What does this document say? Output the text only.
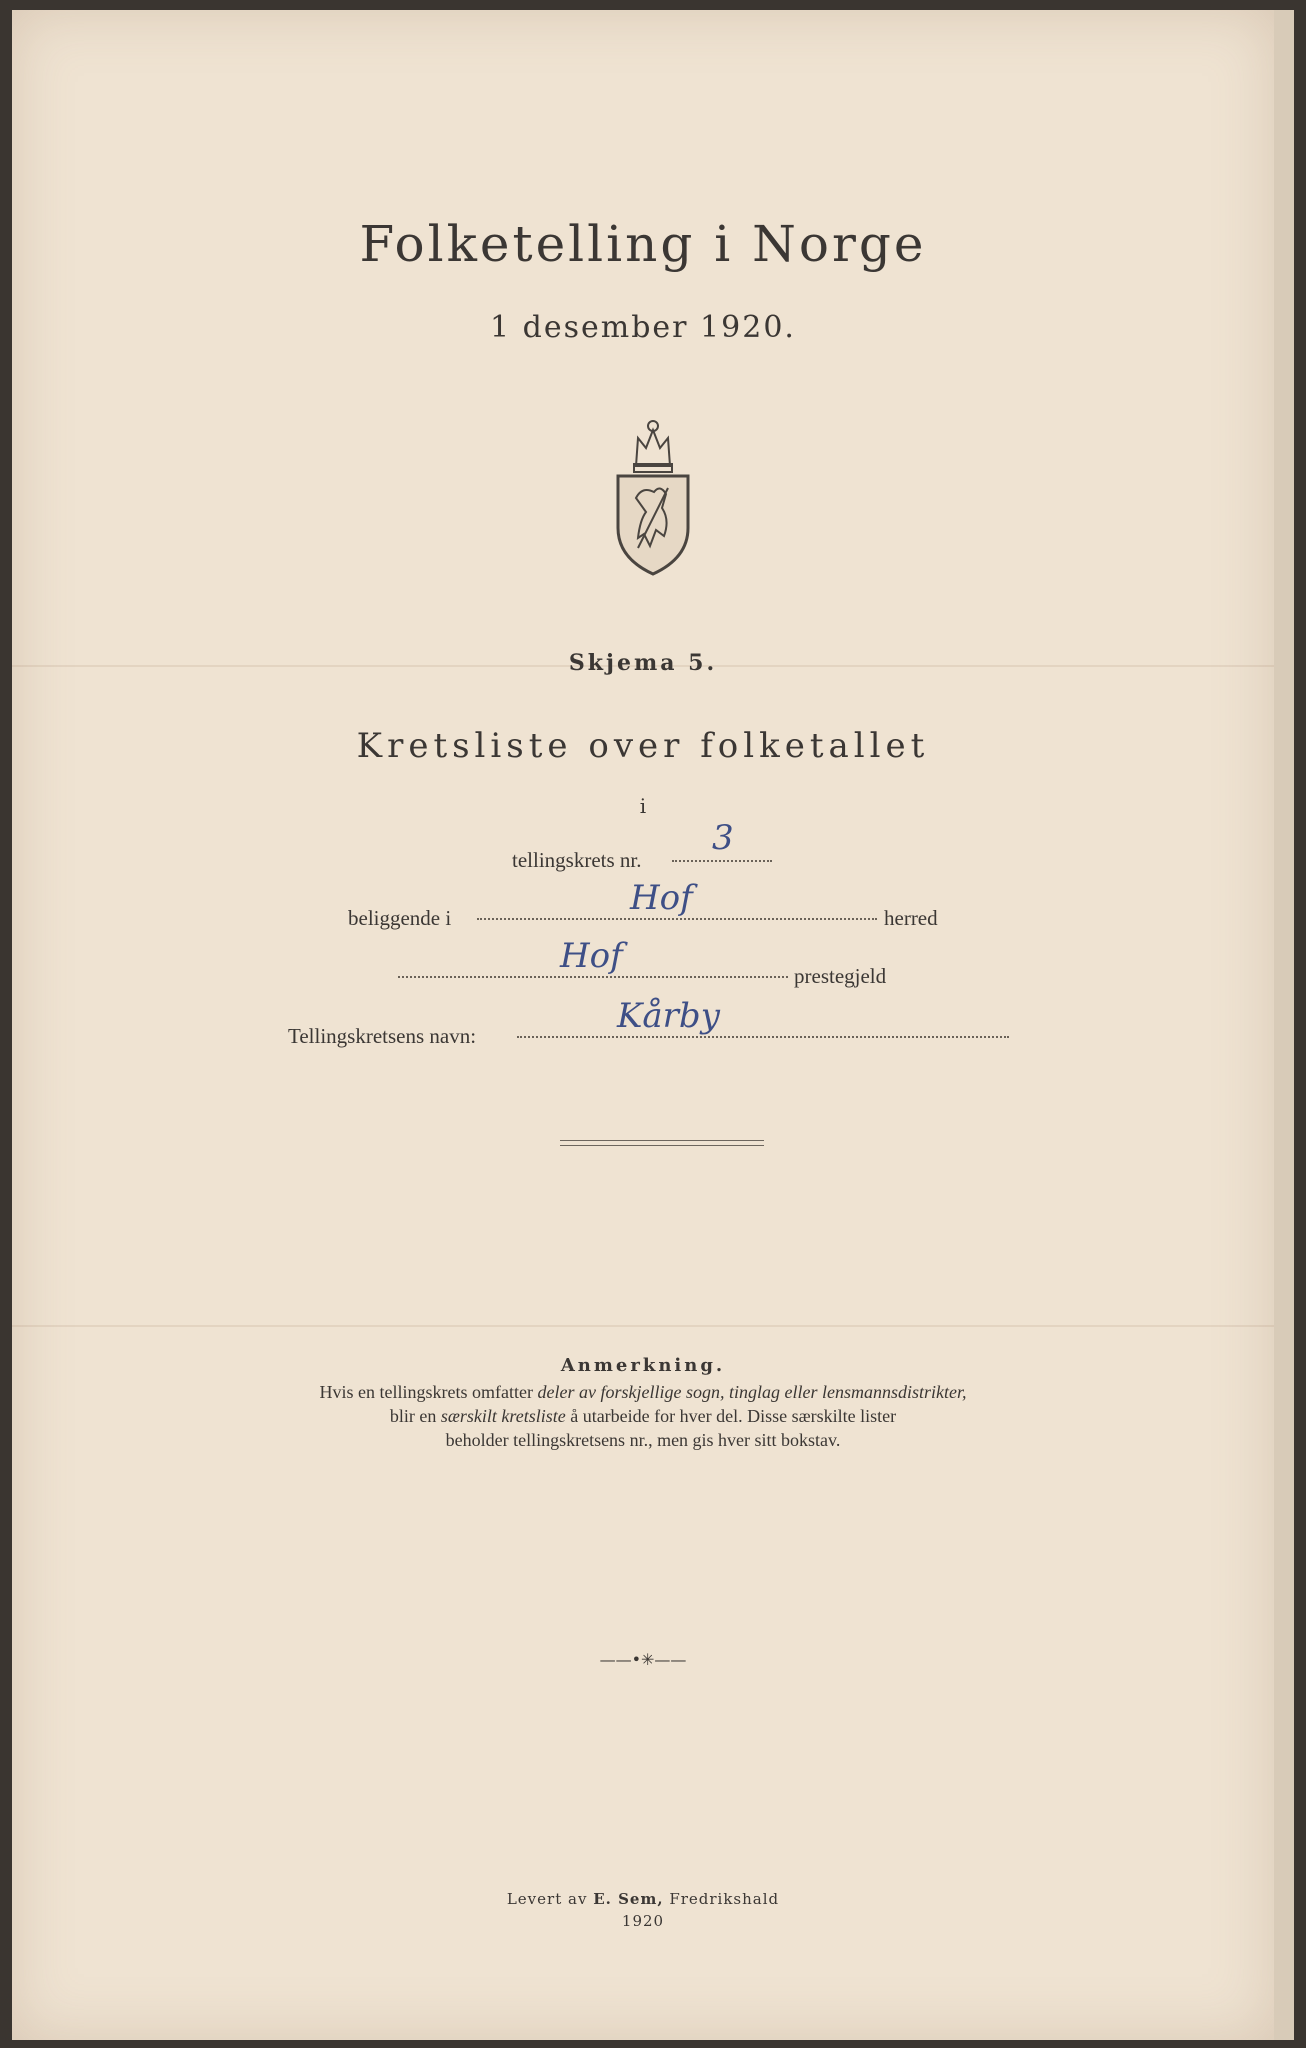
Folketelling i Norge
1 desember 1920.
Skjema 5.
Kretsliste over folketallet
i
tellingskrets nr.
3
beliggende i	Hof	herred
Hof	prestegjeld
Tellingskretsens navn:	Kårby
Anmerkning.
Hvis en tellingskrets omfatter deler av forskjellige sogn, tinglag eller lensmannsdistrikter,
blir en særskilt kretsliste å utarbeide for hver del. Disse særskilte lister
beholder tellingskretsens nr., men gis hver sitt bokstav.
——•✳——
Levert av E. Sem, Fredrikshald
1920
